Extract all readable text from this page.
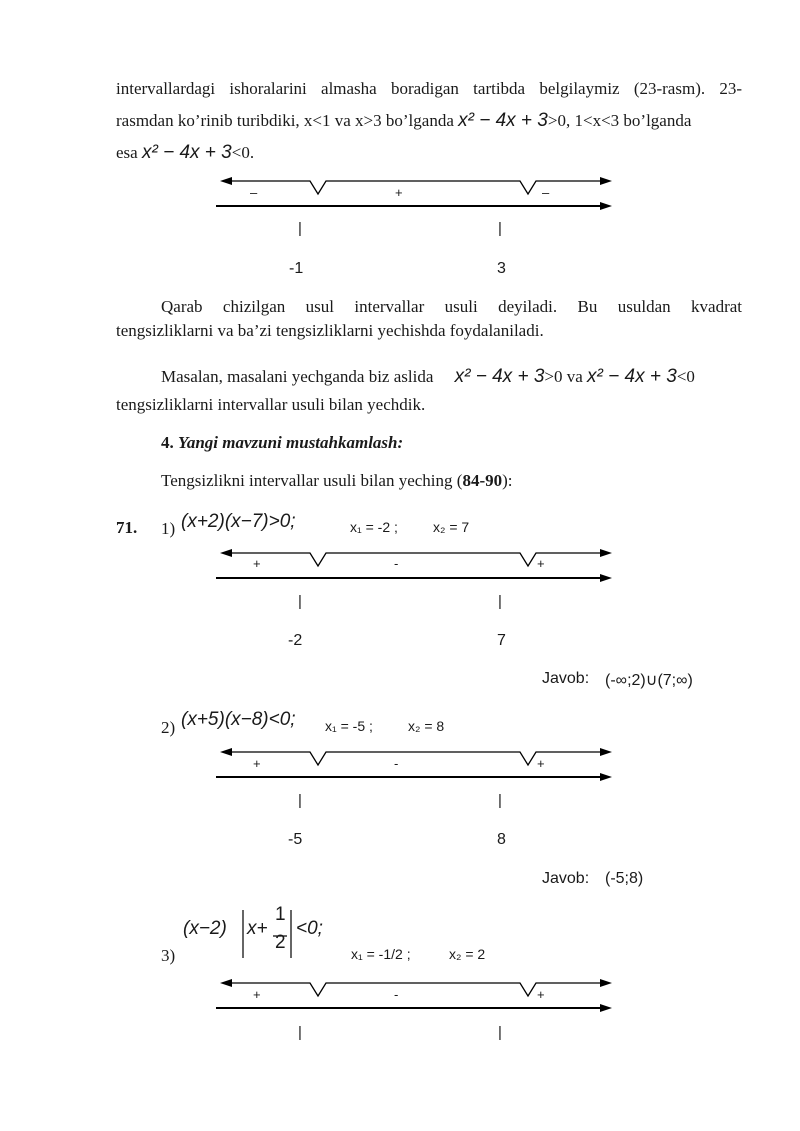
intervallardagi ishoralarini almasha boradigan tartibda belgilaymiz (23-rasm). 23-
rasmdan ko’rinib turibdiki, x<1 va x>3 bo’lganda x² − 4x + 3>0, 1<x<3 bo’lganda
esa x² − 4x + 3<0.
–	+	–
|	|
-1	3
Qarab chizilgan usul intervallar usuli deyiladi. Bu usuldan kvadrat
tengsizliklarni va ba’zi tengsizliklarni yechishda foydalaniladi.
Masalan, masalani yechganda biz aslida x² − 4x + 3>0 va x² − 4x + 3<0
tengsizliklarni intervallar usuli bilan yechdik.
4. Yangi mavzuni mustahkamlash:
Tengsizlikni intervallar usuli bilan yeching (84-90):
71. 1) (x+2)(x−7)>0;	x₁ = -2 ;	x₂ = 7
+	-	+
|	|
-2	7
Javob: (-∞;2)∪(7;∞)
2) (x+5)(x−8)<0; x₁ = -5 ;	x₂ = 8
+	-	+
|	|
-5	8
Javob: (-5;8)
3)
(x−2) x+
1
2
<0;
x₁ = -1/2 ;	x₂ = 2
+	-	+
|	|
